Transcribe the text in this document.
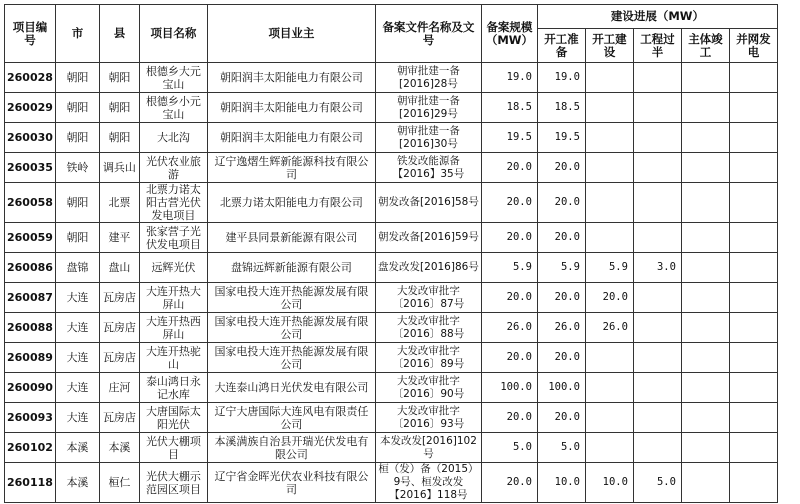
项目编号	市	县	项目名称	项目业主	备案文件名称及文号	备案规模（MW）	建设进展（MW）				
							开工准备	开工建设	工程过半	主体竣工	并网发电
260028	朝阳	朝阳	根德乡大元宝山	朝阳润丰太阳能电力有限公司	朝审批建一备[2016]28号	19.0	19.0				
260029	朝阳	朝阳	根德乡小元宝山	朝阳润丰太阳能电力有限公司	朝审批建一备[2016]29号	18.5	18.5				
260030	朝阳	朝阳	大北沟	朝阳润丰太阳能电力有限公司	朝审批建一备[2016]30号	19.5	19.5				
260035	铁岭	调兵山	光伏农业旅游	辽宁逸熠生辉新能源科技有限公司	铁发改能源备【2016】35号	20.0	20.0				
260058	朝阳	北票	北票力诺太阳古营光伏发电项目	北票力诺太阳能电力有限公司	朝发改备[2016]58号	20.0	20.0				
260059	朝阳	建平	张家营子光伏发电项目	建平县同景新能源有限公司	朝发改备[2016]59号	20.0	20.0				
260086	盘锦	盘山	远辉光伏	盘锦远辉新能源有限公司	盘发改发[2016]86号	5.9	5.9	5.9	3.0		
260087	大连	瓦房店	大连开热大屏山	国家电投大连开热能源发展有限公司	大发改审批字〔2016〕87号	20.0	20.0	20.0			
260088	大连	瓦房店	大连开热西屏山	国家电投大连开热能源发展有限公司	大发改审批字〔2016〕88号	26.0	26.0	26.0			
260089	大连	瓦房店	大连开热驼山	国家电投大连开热能源发展有限公司	大发改审批字〔2016〕89号	20.0	20.0				
260090	大连	庄河	泰山鸿日永记水库	大连泰山鸿日光伏发电有限公司	大发改审批字〔2016〕90号	100.0	100.0				
260093	大连	瓦房店	大唐国际太阳光伏	辽宁大唐国际大连风电有限责任公司	大发改审批字〔2016〕93号	20.0	20.0				
260102	本溪	本溪	光伏大棚项目	本溪满族自治县开瑞光伏发电有限公司	本发改发[2016]102号	5.0	5.0				
260118	本溪	桓仁	光伏大棚示范园区项目	辽宁省金晖光伏农业科技有限公司	桓（发）备（2015）9号、桓发改发【2016】118号	20.0	10.0	10.0	5.0		
